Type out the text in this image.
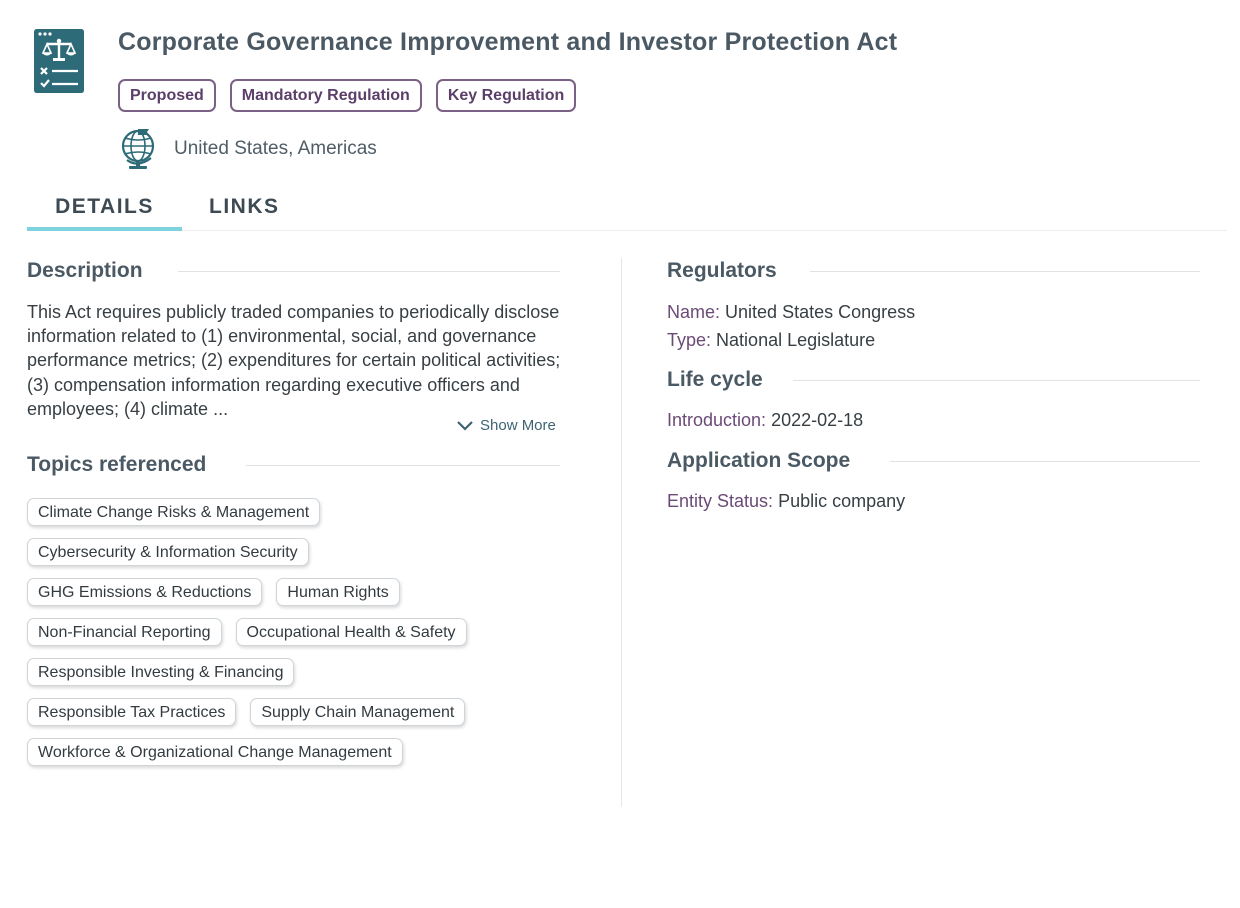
Corporate Governance Improvement and Investor Protection Act
Proposed	Mandatory Regulation	Key Regulation
United States, Americas
DETAILS	LINKS
Description
This Act requires publicly traded companies to periodically disclose information related to (1) environmental, social, and governance performance metrics; (2) expenditures for certain political activities; (3) compensation information regarding executive officers and employees; (4) climate ...
Show More
Topics referenced
Climate Change Risks & Management
Cybersecurity & Information Security
GHG Emissions & Reductions	Human Rights
Non-Financial Reporting	Occupational Health & Safety
Responsible Investing & Financing
Responsible Tax Practices	Supply Chain Management
Workforce & Organizational Change Management
Regulators
Name: United States Congress
Type: National Legislature
Life cycle
Introduction: 2022-02-18
Application Scope
Entity Status: Public company
